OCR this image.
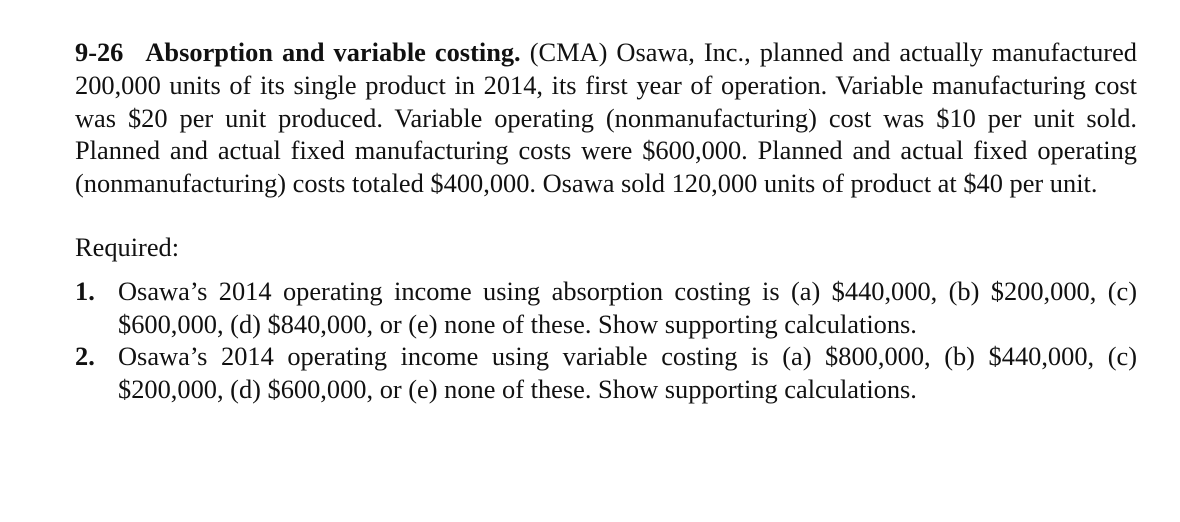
9-26 Absorption and variable costing. (CMA) Osawa, Inc., planned and actually manufactured 200,000 units of its single product in 2014, its first year of operation. Variable manufacturing cost was $20 per unit produced. Variable operating (nonmanufacturing) cost was $10 per unit sold. Planned and actual fixed manufacturing costs were $600,000. Planned and actual fixed operating (nonmanufacturing) costs totaled $400,000. Osawa sold 120,000 units of product at $40 per unit.

Required:
1. Osawa’s 2014 operating income using absorption costing is (a) $440,000, (b) $200,000, (c) $600,000, (d) $840,000, or (e) none of these. Show supporting calculations.
2. Osawa’s 2014 operating income using variable costing is (a) $800,000, (b) $440,000, (c) $200,000, (d) $600,000, or (e) none of these. Show supporting calculations.
